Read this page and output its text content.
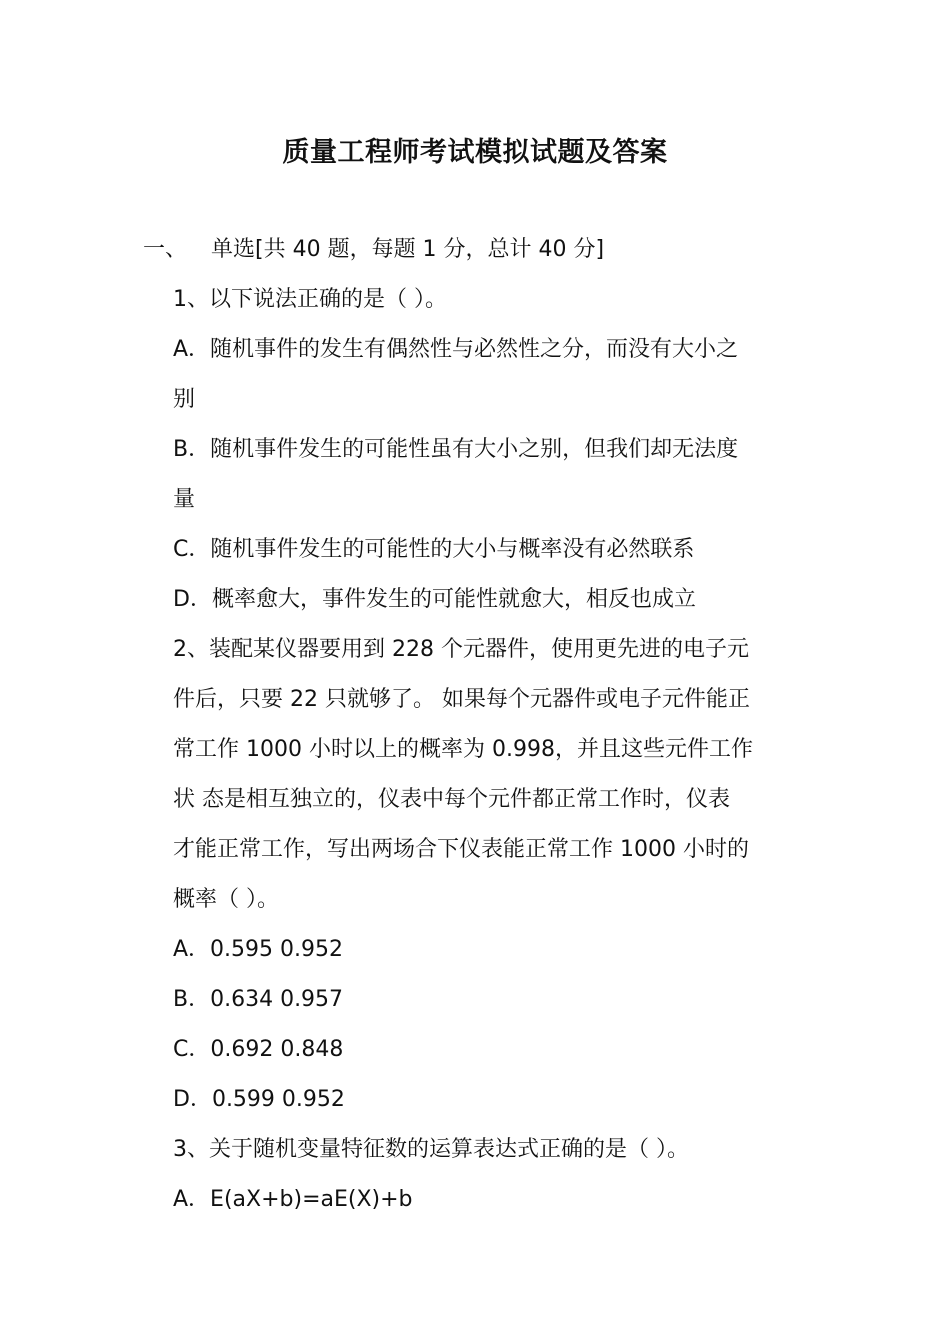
质量工程师考试模拟试题及答案
一、 单选[共 40 题，每题 1 分，总计 40 分]
1、以下说法正确的是（ ）。
A．随机事件的发生有偶然性与必然性之分，而没有大小之
别
B．随机事件发生的可能性虽有大小之别，但我们却无法度
量
C．随机事件发生的可能性的大小与概率没有必然联系
D．概率愈大，事件发生的可能性就愈大，相反也成立
2、装配某仪器要用到 228 个元器件，使用更先进的电子元
件后，只要 22 只就够了。 如果每个元器件或电子元件能正
常工作 1000 小时以上的概率为 0.998，并且这些元件工作
状 态是相互独立的，仪表中每个元件都正常工作时，仪表
才能正常工作，写出两场合下仪表能正常工作 1000 小时的
概率（ ）。
A．0.595 0.952
B．0.634 0.957
C．0.692 0.848
D．0.599 0.952
3、关于随机变量特征数的运算表达式正确的是（ ）。
A．E(aX+b)=aE(X)+b
